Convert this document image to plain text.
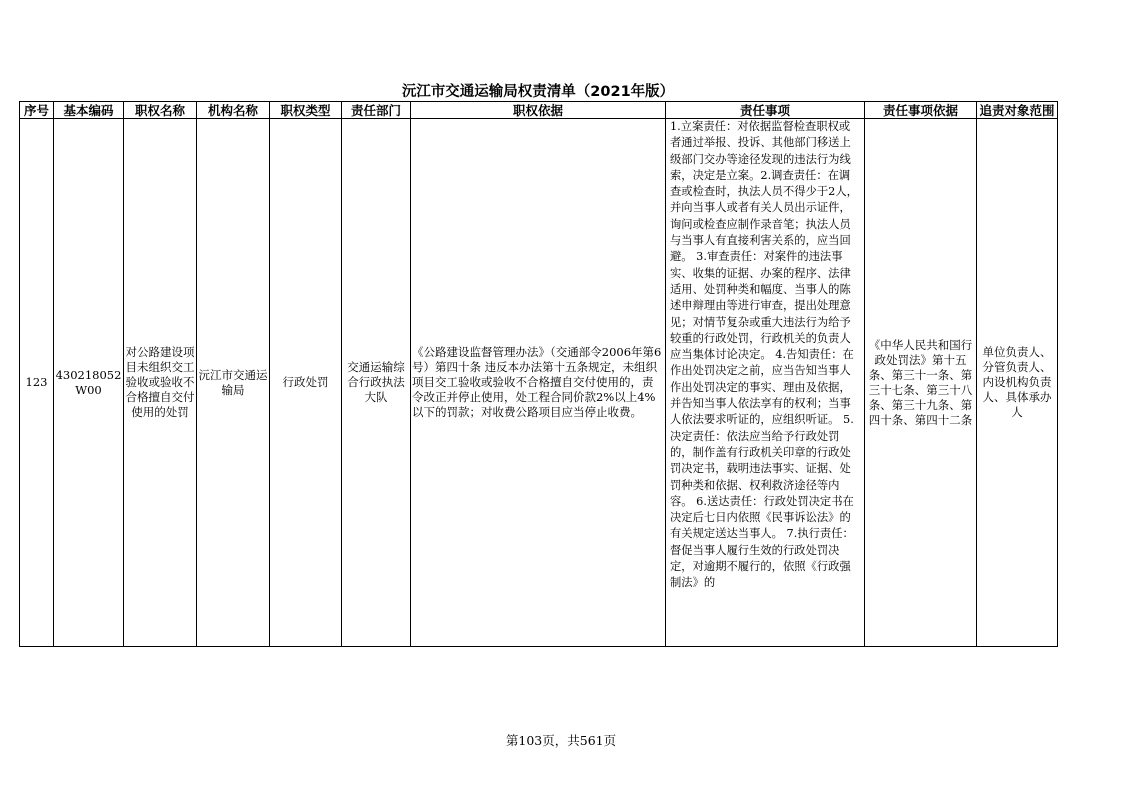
沅江市交通运输局权责清单（2021年版）
序号	基本编码	职权名称	机构名称	职权类型	责任部门	职权依据	责任事项	责任事项依据	追责对象范围
123	430218052W00	对公路建设项目未组织交工验收或验收不合格擅自交付使用的处罚	沅江市交通运输局	行政处罚	交通运输综合行政执法大队	《公路建设监督管理办法》（交通部令2006年第6号）第四十条 违反本办法第十五条规定，未组织项目交工验收或验收不合格擅自交付使用的，责令改正并停止使用，处工程合同价款2%以上4%以下的罚款；对收费公路项目应当停止收费。	1.立案责任：对依据监督检查职权或者通过举报、投诉、其他部门移送上级部门交办等途径发现的违法行为线索，决定是立案。2.调查责任：在调查或检查时，执法人员不得少于2人，并向当事人或者有关人员出示证件，询问或检查应制作录音笔；执法人员与当事人有直接利害关系的，应当回避。 3.审查责任：对案件的违法事实、收集的证据、办案的程序、法律适用、处罚种类和幅度、当事人的陈述申辩理由等进行审查，提出处理意见；对情节复杂或重大违法行为给予较重的行政处罚，行政机关的负责人应当集体讨论决定。 4.告知责任：在作出处罚决定之前，应当告知当事人作出处罚决定的事实、理由及依据，并告知当事人依法享有的权利；当事人依法要求听证的，应组织听证。 5.决定责任：依法应当给予行政处罚的，制作盖有行政机关印章的行政处罚决定书，载明违法事实、证据、处罚种类和依据、权利救济途径等内容。 6.送达责任：行政处罚决定书在决定后七日内依照《民事诉讼法》的有关规定送达当事人。 7.执行责任：督促当事人履行生效的行政处罚决定，对逾期不履行的，依照《行政强制法》的	《中华人民共和国行政处罚法》第十五条、第三十一条、第三十七条、第三十八条、第三十九条、第四十条、第四十二条	单位负责人、分管负责人、内设机构负责人、具体承办人
第103页，共561页
